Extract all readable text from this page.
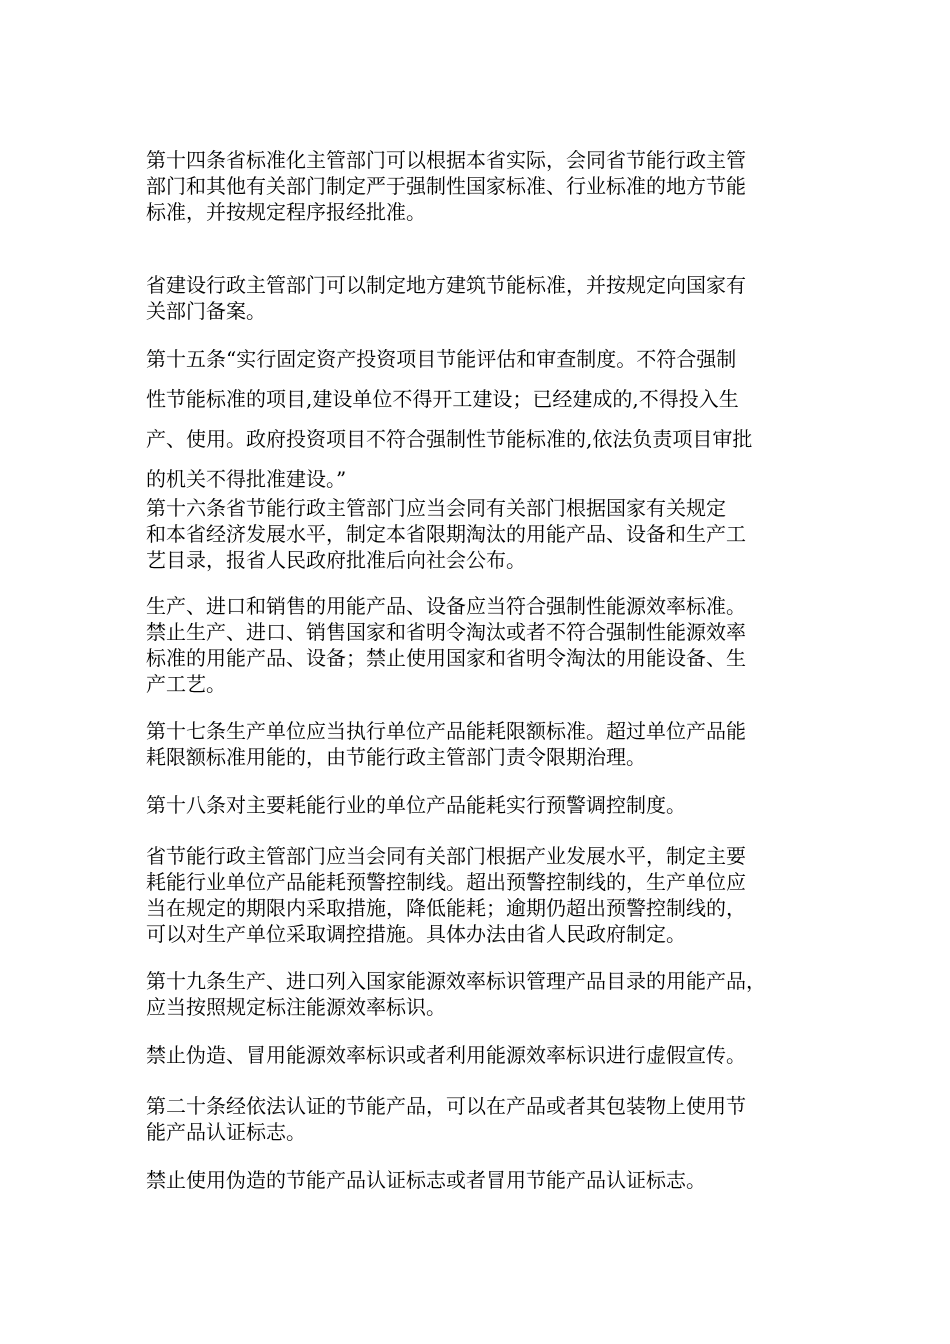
第十四条省标准化主管部门可以根据本省实际，会同省节能行政主管
部门和其他有关部门制定严于强制性国家标准、行业标准的地方节能
标准，并按规定程序报经批准。

省建设行政主管部门可以制定地方建筑节能标准，并按规定向国家有
关部门备案。

第十五条“实行固定资产投资项目节能评估和审查制度。不符合强制
性节能标准的项目,建设单位不得开工建设；已经建成的,不得投入生
产、使用。政府投资项目不符合强制性节能标准的,依法负责项目审批
的机关不得批准建设。”

第十六条省节能行政主管部门应当会同有关部门根据国家有关规定
和本省经济发展水平，制定本省限期淘汰的用能产品、设备和生产工
艺目录，报省人民政府批准后向社会公布。

生产、进口和销售的用能产品、设备应当符合强制性能源效率标准。
禁止生产、进口、销售国家和省明令淘汰或者不符合强制性能源效率
标准的用能产品、设备；禁止使用国家和省明令淘汰的用能设备、生
产工艺。

第十七条生产单位应当执行单位产品能耗限额标准。超过单位产品能
耗限额标准用能的，由节能行政主管部门责令限期治理。

第十八条对主要耗能行业的单位产品能耗实行预警调控制度。

省节能行政主管部门应当会同有关部门根据产业发展水平，制定主要
耗能行业单位产品能耗预警控制线。超出预警控制线的，生产单位应
当在规定的期限内采取措施，降低能耗；逾期仍超出预警控制线的，
可以对生产单位采取调控措施。具体办法由省人民政府制定。

第十九条生产、进口列入国家能源效率标识管理产品目录的用能产品，
应当按照规定标注能源效率标识。

禁止伪造、冒用能源效率标识或者利用能源效率标识进行虚假宣传。

第二十条经依法认证的节能产品，可以在产品或者其包装物上使用节
能产品认证标志。

禁止使用伪造的节能产品认证标志或者冒用节能产品认证标志。
